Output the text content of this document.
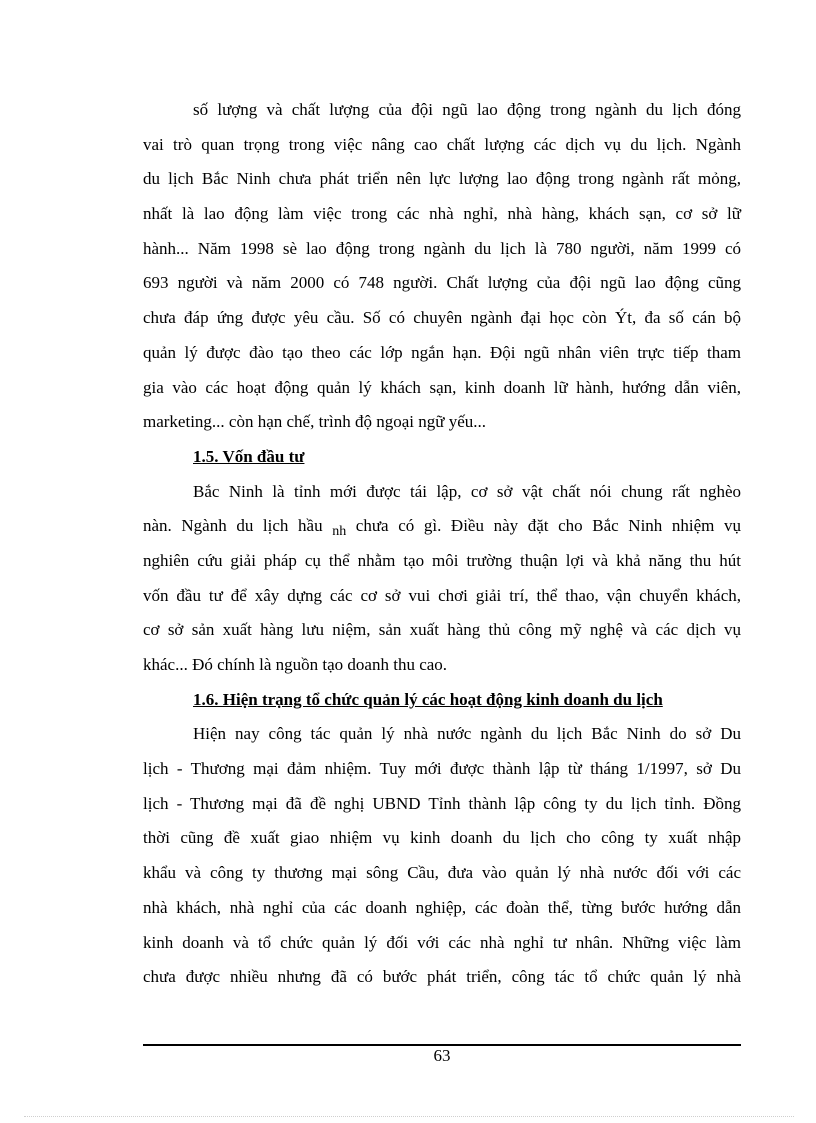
số lượng và chất lượng của đội ngũ lao động trong ngành du lịch đóng
vai trò quan trọng trong việc nâng cao chất lượng các dịch vụ du lịch. Ngành
du lịch Bắc Ninh chưa phát triển nên lực lượng lao động trong ngành rất mỏng,
nhất là lao động làm việc trong các nhà nghỉ, nhà hàng, khách sạn, cơ sở lữ
hành... Năm 1998 sè lao động trong ngành du lịch là 780 người, năm 1999 có
693 người và năm 2000 có 748 người. Chất lượng của đội ngũ lao động cũng
chưa đáp ứng được yêu cầu. Số có chuyên ngành đại học còn Ýt, đa số cán bộ
quản lý được đào tạo theo các lớp ngắn hạn. Đội ngũ nhân viên trực tiếp tham
gia vào các hoạt động quản lý khách sạn, kinh doanh lữ hành, hướng dẫn viên,
marketing... còn hạn chế, trình độ ngoại ngữ yếu...
1.5. Vốn đầu tư
Bắc Ninh là tỉnh mới được tái lập, cơ sở vật chất nói chung rất nghèo
nàn. Ngành du lịch hầu $_{nh}$ chưa có gì. Điều này đặt cho Bắc Ninh nhiệm vụ
nghiên cứu giải pháp cụ thể nhằm tạo môi trường thuận lợi và khả năng thu hút
vốn đầu tư để xây dựng các cơ sở vui chơi giải trí, thể thao, vận chuyển khách,
cơ sở sản xuất hàng lưu niệm, sản xuất hàng thủ công mỹ nghệ và các dịch vụ
khác... Đó chính là nguồn tạo doanh thu cao.
1.6. Hiện trạng tổ chức quản lý các hoạt động kinh doanh du lịch
Hiện nay công tác quản lý nhà nước ngành du lịch Bắc Ninh do sở Du
lịch - Thương mại đảm nhiệm. Tuy mới được thành lập từ tháng 1/1997, sở Du
lịch - Thương mại đã đề nghị UBND Tỉnh thành lập công ty du lịch tỉnh. Đồng
thời cũng đề xuất giao nhiệm vụ kinh doanh du lịch cho công ty xuất nhập
khẩu và công ty thương mại sông Cầu, đưa vào quản lý nhà nước đối với các
nhà khách, nhà nghỉ của các doanh nghiệp, các đoàn thể, từng bước hướng dẫn
kinh doanh và tổ chức quản lý đối với các nhà nghỉ tư nhân. Những việc làm
chưa được nhiều nhưng đã có bước phát triển, công tác tổ chức quản lý nhà
63
